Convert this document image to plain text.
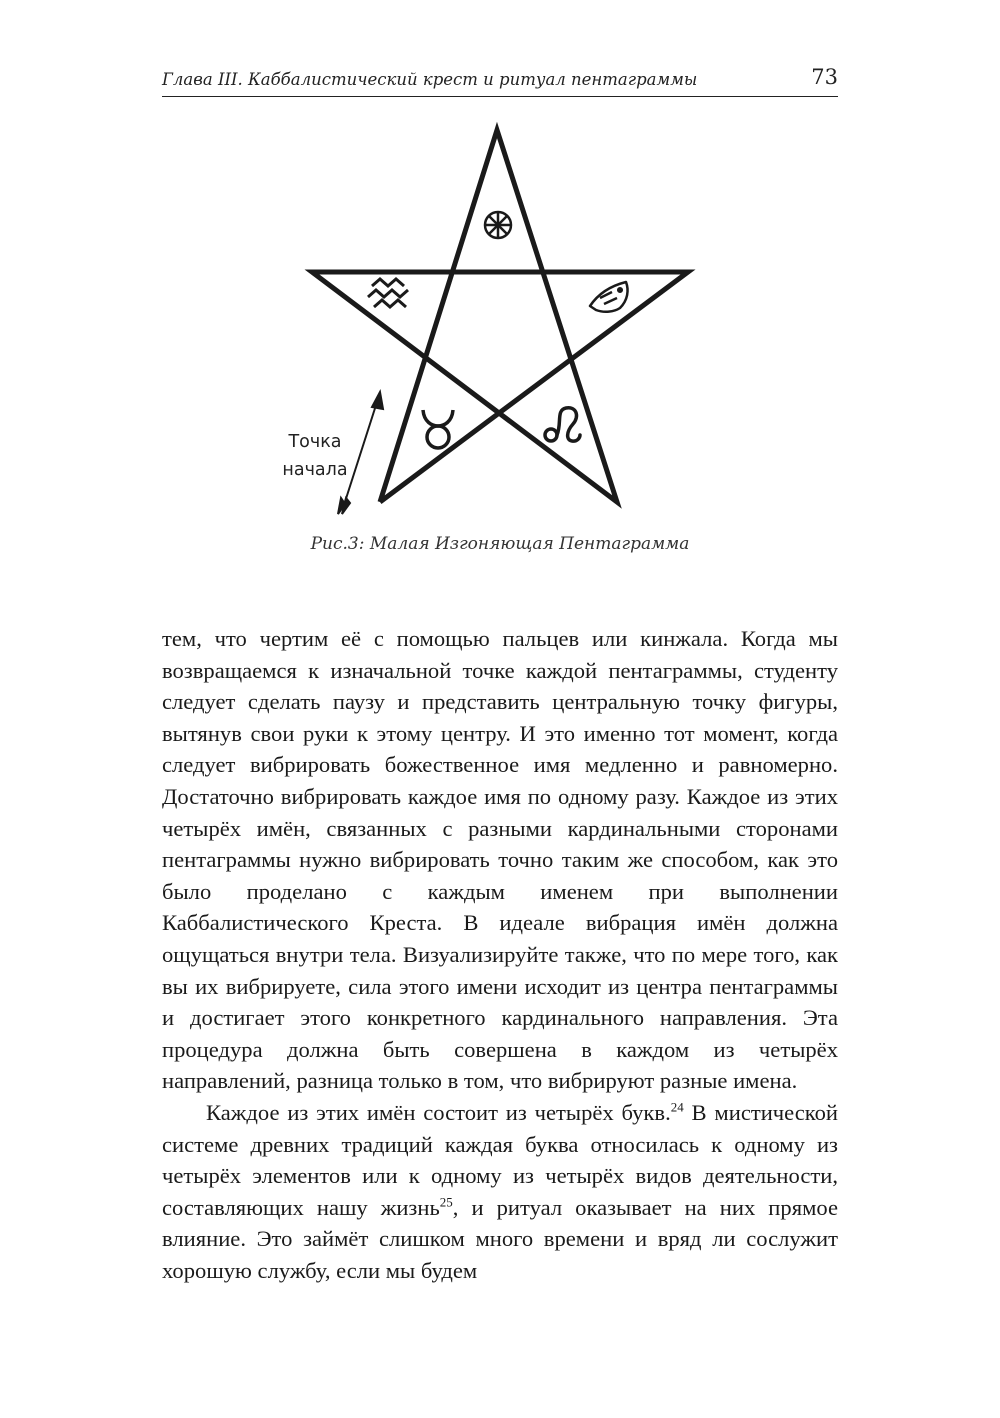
Глава III. Каббалистический крест и ритуал пентаграммы	73
Точка
начала
Рис.3: Малая Изгоняющая Пентаграмма

тем, что чертим её с помощью пальцев или кинжала. Когда мы возвращаемся к изначальной точке каждой пентаграммы, студенту следует сделать паузу и представить центральную точку фигуры, вытянув свои руки к этому центру. И это именно тот момент, когда следует вибрировать божественное имя медленно и равномерно. Достаточно вибрировать каждое имя по одному разу. Каждое из этих четырёх имён, связанных с разными кардинальными сторонами пентаграммы нужно вибрировать точно таким же способом, как это было проделано с каждым именем при выполнении Каббалистического Креста. В идеале вибрация имён должна ощущаться внутри тела. Визуализируйте также, что по мере того, как вы их вибрируете, сила этого имени исходит из центра пентаграммы и достигает этого конкретного кардинального направления. Эта процедура должна быть совершена в каждом из четырёх направлений, разница только в том, что вибрируют разные имена.

Каждое из этих имён состоит из четырёх букв.$^{24}$ В мистической системе древних традиций каждая буква относилась к одному из четырёх элементов или к одному из четырёх видов деятельности, составляющих нашу жизнь$^{25}$, и ритуал оказывает на них прямое влияние. Это займёт слишком много времени и вряд ли сослужит хорошую службу, если мы будем
